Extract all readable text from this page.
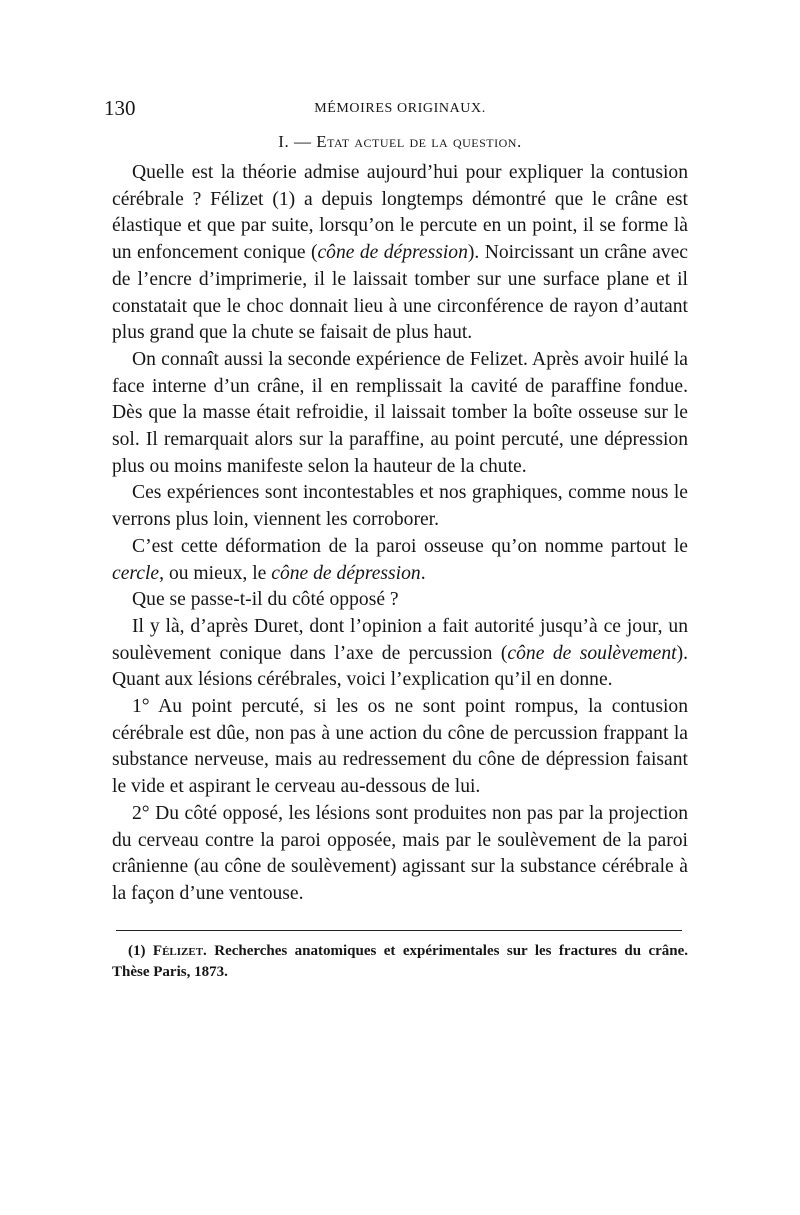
130	MÉMOIRES ORIGINAUX.
I. — Etat actuel de la question.

Quelle est la théorie admise aujourd’hui pour expliquer la contusion cérébrale ? Félizet (1) a depuis longtemps démontré que le crâne est élastique et que par suite, lorsqu’on le percute en un point, il se forme là un enfoncement conique (cône de dépression). Noircissant un crâne avec de l’encre d’imprimerie, il le laissait tomber sur une surface plane et il constatait que le choc donnait lieu à une circonférence de rayon d’autant plus grand que la chute se faisait de plus haut.

On connaît aussi la seconde expérience de Felizet. Après avoir huilé la face interne d’un crâne, il en remplissait la cavité de paraffine fondue. Dès que la masse était refroidie, il laissait tomber la boîte osseuse sur le sol. Il remarquait alors sur la paraffine, au point percuté, une dépression plus ou moins manifeste selon la hauteur de la chute.

Ces expériences sont incontestables et nos graphiques, comme nous le verrons plus loin, viennent les corroborer.

C’est cette déformation de la paroi osseuse qu’on nomme partout le cercle, ou mieux, le cône de dépression.

Que se passe-t-il du côté opposé ?

Il y là, d’après Duret, dont l’opinion a fait autorité jusqu’à ce jour, un soulèvement conique dans l’axe de percussion (cône de soulèvement). Quant aux lésions cérébrales, voici l’explication qu’il en donne.

1° Au point percuté, si les os ne sont point rompus, la contusion cérébrale est dûe, non pas à une action du cône de percussion frappant la substance nerveuse, mais au redressement du cône de dépression faisant le vide et aspirant le cerveau au-dessous de lui.

2° Du côté opposé, les lésions sont produites non pas par la projection du cerveau contre la paroi opposée, mais par le soulèvement de la paroi crânienne (au cône de soulèvement) agissant sur la substance cérébrale à la façon d’une ventouse.

(1) Félizet. Recherches anatomiques et expérimentales sur les fractures du crâne. Thèse Paris, 1873.
